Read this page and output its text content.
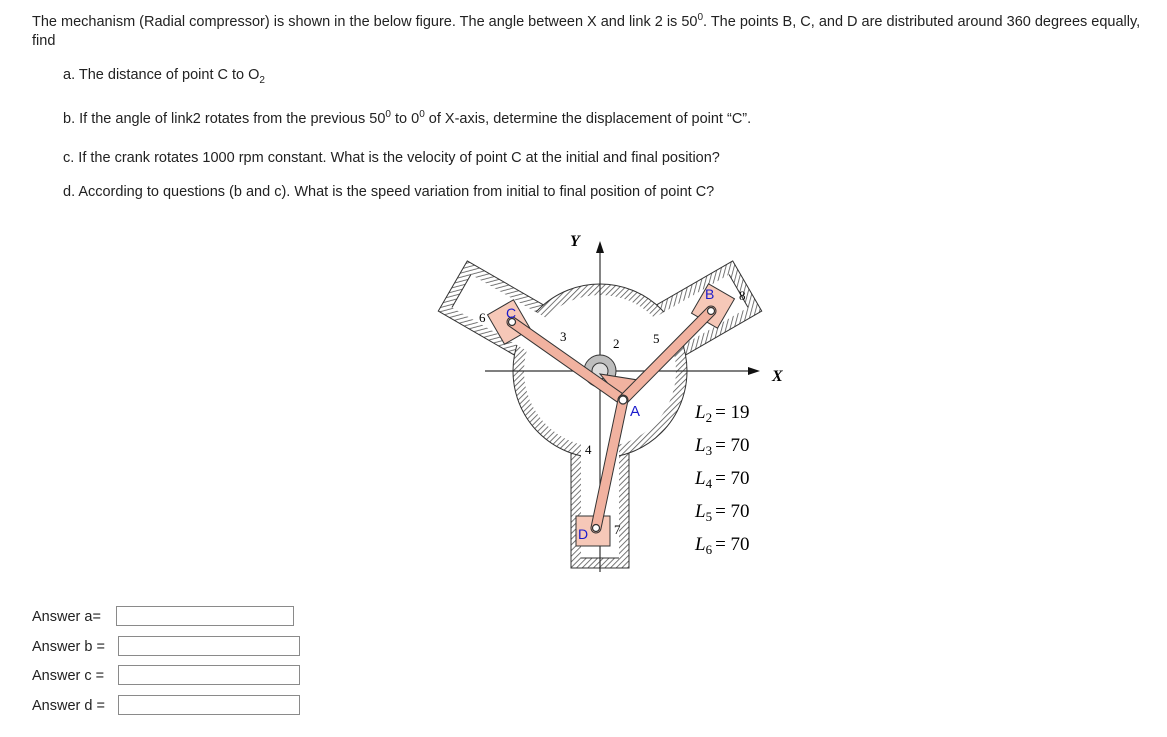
The mechanism (Radial compressor) is shown in the below figure. The angle between X and link 2 is $50^0$. The points B, C, and D are distributed around 360 degrees equally, find
a. The distance of point C to $O_2$
b. If the angle of link2 rotates from the previous $50^0$ to $0^0$ of X-axis, determine the displacement of point “C”.
c. If the crank rotates 1000 rpm constant. What is the velocity of point C at the initial and final position?
d. According to questions (b and c). What is the speed variation from initial to final position of point C?
Y
X
A
B
C
D
2
3
4
5
6
7
8
$L_2 = 19$
$L_3 = 70$
$L_4 = 70$
$L_5 = 70$
$L_6 = 70$
Answer a=
Answer b =
Answer c =
Answer d =
